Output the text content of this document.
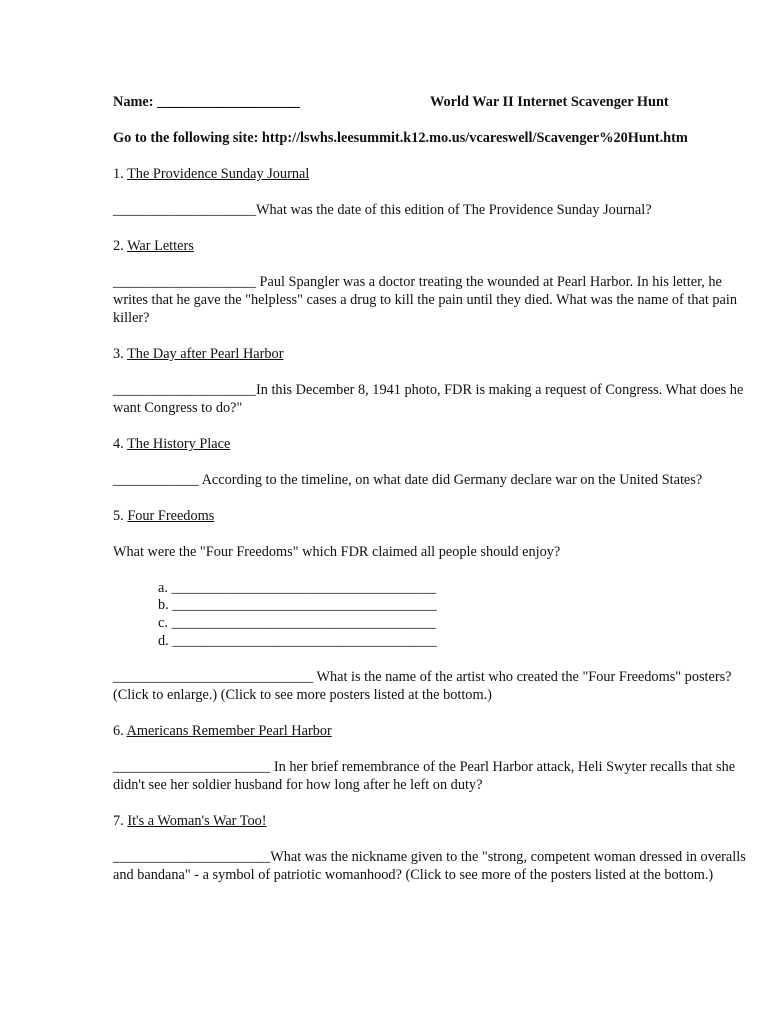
Name: ____________________	World War II Internet Scavenger Hunt
Go to the following site: http://lswhs.leesummit.k12.mo.us/vcareswell/Scavenger%20Hunt.htm
1. The Providence Sunday Journal
____________________What was the date of this edition of The Providence Sunday Journal?
2. War Letters
____________________ Paul Spangler was a doctor treating the wounded at Pearl Harbor. In his letter, he writes that he gave the "helpless" cases a drug to kill the pain until they died. What was the name of that pain killer?
3. The Day after Pearl Harbor
____________________In this December 8, 1941 photo, FDR is making a request of Congress. What does he want Congress to do?"
4. The History Place
____________ According to the timeline, on what date did Germany declare war on the United States?
5. Four Freedoms
What were the "Four Freedoms" which FDR claimed all people should enjoy?
a. _____________________________________
b. _____________________________________
c. _____________________________________
d. _____________________________________
____________________________ What is the name of the artist who created the "Four Freedoms" posters? (Click to enlarge.) (Click to see more posters listed at the bottom.)
6. Americans Remember Pearl Harbor
______________________ In her brief remembrance of the Pearl Harbor attack, Heli Swyter recalls that she didn't see her soldier husband for how long after he left on duty?
7. It's a Woman's War Too!
______________________What was the nickname given to the "strong, competent woman dressed in overalls and bandana" - a symbol of patriotic womanhood? (Click to see more of the posters listed at the bottom.)
